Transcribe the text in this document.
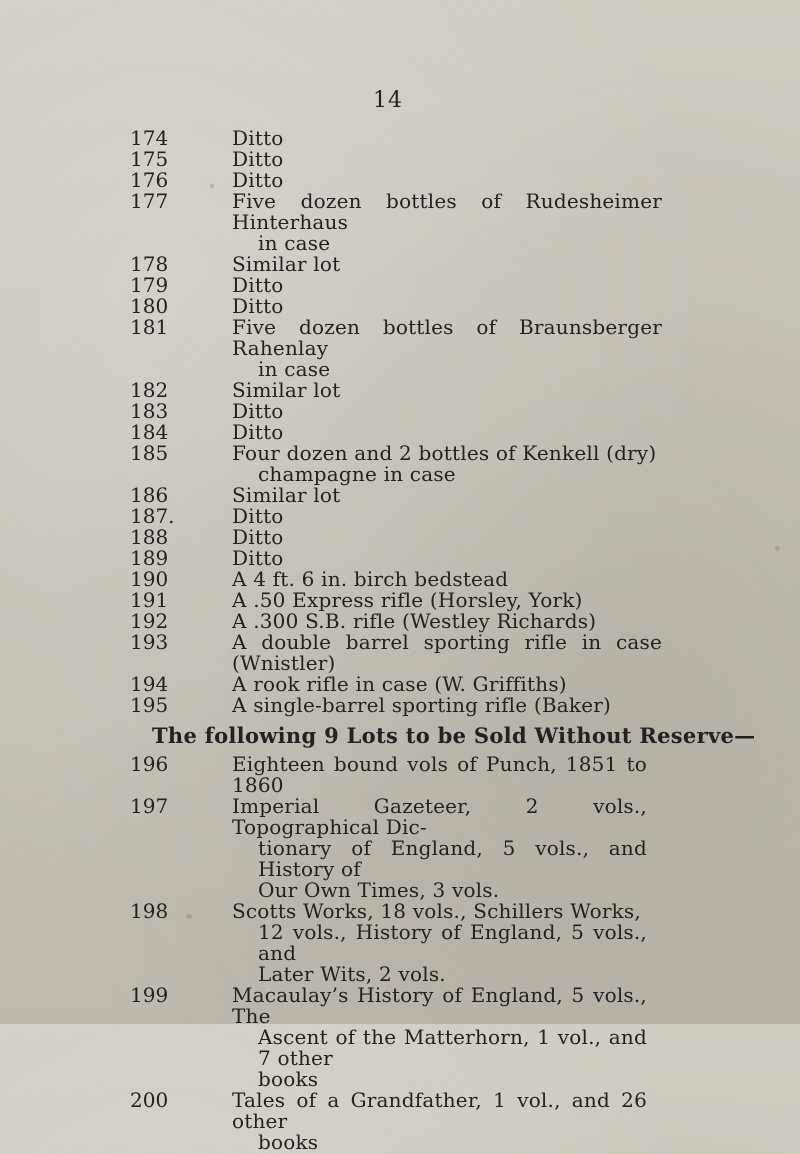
14
174	Ditto
175	Ditto
176	Ditto
177	Five dozen bottles of Rudesheimer Hinterhaus
in case
178	Similar lot
179	Ditto
180	Ditto
181	Five dozen bottles of Braunsberger Rahenlay
in case
182	Similar lot
183	Ditto
184	Ditto
185	Four dozen and 2 bottles of Kenkell (dry)
champagne in case
186	Similar lot
187.	Ditto
188	Ditto
189	Ditto
190	A 4 ft. 6 in. birch bedstead
191	A .50 Express rifle (Horsley, York)
192	A .300 S.B. rifle (Westley Richards)
193	A double barrel sporting rifle in case (Wnistler)
194	A rook rifle in case (W. Griffiths)
195	A single-barrel sporting rifle (Baker)
The following 9 Lots to be Sold Without Reserve—
196	Eighteen bound vols of Punch, 1851 to 1860
197	Imperial Gazeteer, 2 vols., Topographical Dic-
tionary of England, 5 vols., and History of
Our Own Times, 3 vols.
198	Scotts Works, 18 vols., Schillers Works,
12 vols., History of England, 5 vols., and
Later Wits, 2 vols.
199	Macaulay’s History of England, 5 vols., The
Ascent of the Matterhorn, 1 vol., and 7 other
books
200	Tales of a Grandfather, 1 vol., and 26 other
books
